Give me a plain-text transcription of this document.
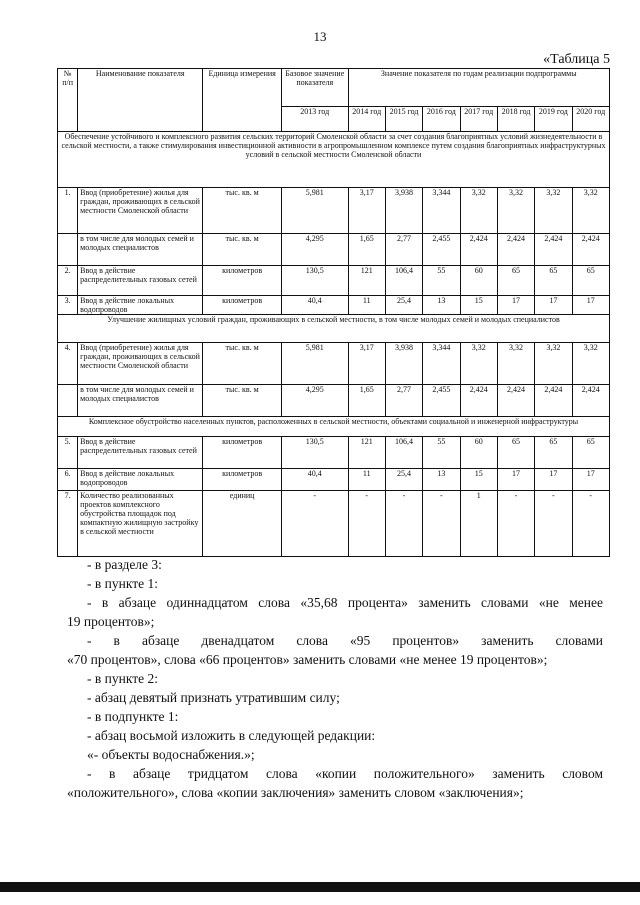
13
«Таблица 5
№ п/п	Наименование показателя	Единица измерения	Базовое значение показателя	Значение показателя по годам реализации подпрограммы						
			2013 год	2014 год	2015 год	2016 год	2017 год	2018 год	2019 год	2020 год
Обеспечение устойчивого и комплексного развития сельских территорий Смоленской области за счет создания благоприятных условий жизнедеятельности в сельской местности, а также стимулирования инвестиционной активности в агропромышленном комплексе путем создания благоприятных инфраструктурных условий в сельской местности Смоленской области										
1.	Ввод (приобретение) жилья для граждан, проживающих в сельской местности Смоленской области	тыс. кв. м	5,981	3,17	3,938	3,344	3,32	3,32	3,32	3,32
	в том числе для молодых семей и молодых специалистов	тыс. кв. м	4,295	1,65	2,77	2,455	2,424	2,424	2,424	2,424
2.	Ввод в действие распределительных газовых сетей	километров	130,5	121	106,4	55	60	65	65	65
3.	Ввод в действие локальных водопроводов	километров	40,4	11	25,4	13	15	17	17	17
Улучшение жилищных условий граждан, проживающих в сельской местности, в том числе молодых семей и молодых специалистов										
4.	Ввод (приобретение) жилья для граждан, проживающих в сельской местности Смоленской области	тыс. кв. м	5,981	3,17	3,938	3,344	3,32	3,32	3,32	3,32
	в том числе для молодых семей и молодых специалистов	тыс. кв. м	4,295	1,65	2,77	2,455	2,424	2,424	2,424	2,424
Комплексное обустройство населенных пунктов, расположенных в сельской местности, объектами социальной и инженерной инфраструктуры										
5.	Ввод в действие распределительных газовых сетей	километров	130,5	121	106,4	55	60	65	65	65
6.	Ввод в действие локальных водопроводов	километров	40,4	11	25,4	13	15	17	17	17
7.	Количество реализованных проектов комплексного обустройства площадок под компактную жилищную застройку в сельской местности	единиц	-	-	-	-	1	-	-	-

- в разделе 3:

- в пункте 1:

- в абзаце одиннадцатом слова «35,68 процента» заменить словами «не менее

19 процентов»;

- в абзаце двенадцатом слова «95 процентов» заменить словами

«70 процентов», слова «66 процентов» заменить словами «не менее 19 процентов»;

- в пункте 2:

- абзац девятый признать утратившим силу;

- в подпункте 1:

- абзац восьмой изложить в следующей редакции:

«- объекты водоснабжения.»;

- в абзаце тридцатом слова «копии положительного» заменить словом

«положительного», слова «копии заключения» заменить словом «заключения»;
